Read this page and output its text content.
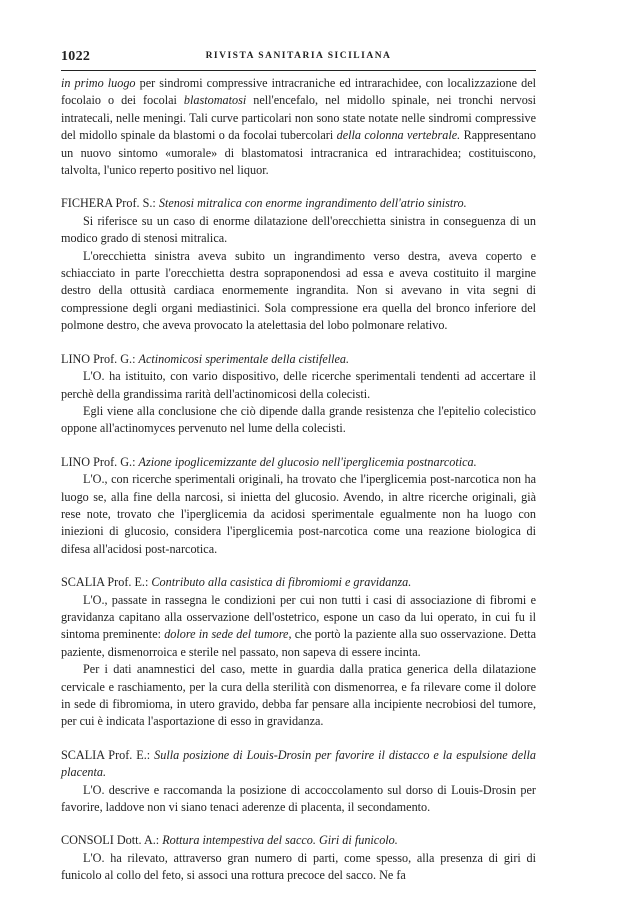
1022	RIVISTA SANITARIA SICILIANA

in primo luogo per sindromi compressive intracraniche ed intrarachidee, con localizzazione del focolaio o dei focolai blastomatosi nell'encefalo, nel midollo spinale, nei tronchi nervosi intratecali, nelle meningi. Tali curve particolari non sono state notate nelle sindromi compressive del midollo spinale da blastomi o da focolai tubercolari della colonna vertebrale. Rappresentano un nuovo sintomo «umorale» di blastomatosi intracranica ed intrarachidea; costituiscono, talvolta, l'unico reperto positivo nel liquor.

FICHERA Prof. S.: Stenosi mitralica con enorme ingrandimento dell'atrio sinistro.

Si riferisce su un caso di enorme dilatazione dell'orecchietta sinistra in conseguenza di un modico grado di stenosi mitralica.

L'orecchietta sinistra aveva subito un ingrandimento verso destra, aveva coperto e schiacciato in parte l'orecchietta destra sopraponendosi ad essa e aveva costituito il margine destro della ottusità cardiaca enormemente ingrandita. Non si avevano in vita segni di compressione degli organi mediastinici. Sola compressione era quella del bronco inferiore del polmone destro, che aveva provocato la atelettasia del lobo polmonare relativo.

LINO Prof. G.: Actinomicosi sperimentale della cistifellea.

L'O. ha istituito, con vario dispositivo, delle ricerche sperimentali tendenti ad accertare il perchè della grandissima rarità dell'actinomicosi della colecisti.

Egli viene alla conclusione che ciò dipende dalla grande resistenza che l'epitelio colecistico oppone all'actinomyces pervenuto nel lume della colecisti.

LINO Prof. G.: Azione ipoglicemizzante del glucosio nell'iperglicemia postnarcotica.

L'O., con ricerche sperimentali originali, ha trovato che l'iperglicemia post-narcotica non ha luogo se, alla fine della narcosi, si inietta del glucosio. Avendo, in altre ricerche originali, già rese note, trovato che l'iperglicemia da acidosi sperimentale egualmente non ha luogo con iniezioni di glucosio, considera l'iperglicemia post-narcotica come una reazione biologica di difesa all'acidosi post-narcotica.

SCALIA Prof. E.: Contributo alla casistica di fibromiomi e gravidanza.

L'O., passate in rassegna le condizioni per cui non tutti i casi di associazione di fibromi e gravidanza capitano alla osservazione dell'ostetrico, espone un caso da lui operato, in cui fu il sintoma preminente: dolore in sede del tumore, che portò la paziente alla suo osservazione. Detta paziente, dismenorroica e sterile nel passato, non sapeva di essere incinta.

Per i dati anamnestici del caso, mette in guardia dalla pratica generica della dilatazione cervicale e raschiamento, per la cura della sterilità con dismenorrea, e fa rilevare come il dolore in sede di fibromioma, in utero gravido, debba far pensare alla incipiente necrobiosi del tumore, per cui è indicata l'asportazione di esso in gravidanza.

SCALIA Prof. E.: Sulla posizione di Louis-Drosin per favorire il distacco e la espulsione della placenta.

L'O. descrive e raccomanda la posizione di accoccolamento sul dorso di Louis-Drosin per favorire, laddove non vi siano tenaci aderenze di placenta, il secondamento.

CONSOLI Dott. A.: Rottura intempestiva del sacco. Giri di funicolo.

L'O. ha rilevato, attraverso gran numero di parti, come spesso, alla presenza di giri di funicolo al collo del feto, si associ una rottura precoce del sacco. Ne fa
